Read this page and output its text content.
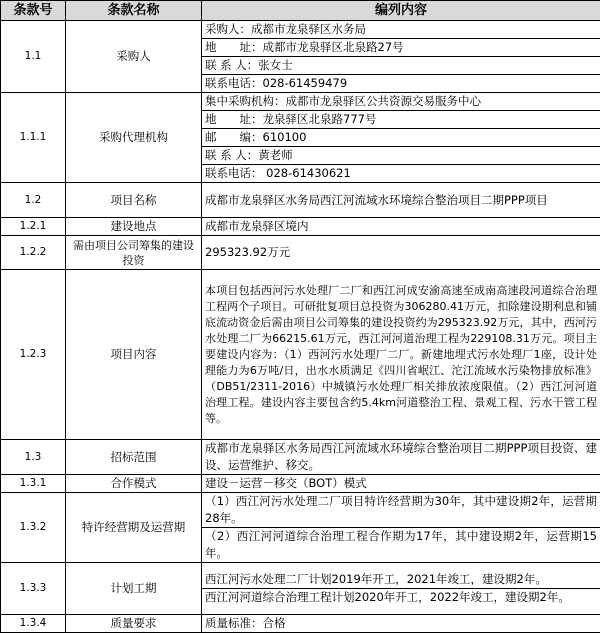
条款号	条款名称	编列内容
1.1	采购人	采购人：成都市龙泉驿区水务局
地　　址：成都市龙泉驿区北泉路27号
联 系 人：张女士
联系电话：028-61459479

1.1.1	采购代理机构	集中采购机构：成都市龙泉驿区公共资源交易服务中心
地　　址：龙泉驿区北泉路777号
邮　　编：610100
联 系 人：黄老师
联系电话： 028-61430621

1.2	项目名称	成都市龙泉驿区水务局西江河流域水环境综合整治项目二期PPP项目
1.2.1	建设地点	成都市龙泉驿区境内
1.2.2	需由项目公司筹集的建设投资	295323.92万元
1.2.3	项目内容	本项目包括西河污水处理厂二厂和西江河成安渝高速至成南高速段河道综合治理工程两个子项目。可研批复项目总投资为306280.41万元，扣除建设期利息和铺底流动资金后需由项目公司筹集的建设投资约为295323.92万元，其中，西河污水处理二厂为66215.61万元，西江河河道治理工程为229108.31万元。项目主要建设内容为：（1）西河污水处理厂二厂。新建地埋式污水处理厂1座，设计处理能力为6万吨/日，出水水质满足《四川省岷江、沱江流域水污染物排放标准》（DB51/2311-2016）中城镇污水处理厂相关排放浓度限值。（2）西江河河道治理工程。建设内容主要包含约5.4km河道整治工程、景观工程、污水干管工程等。
1.3	招标范围	成都市龙泉驿区水务局西江河流域水环境综合整治项目二期PPP项目投资、建设、运营维护、移交。
1.3.1	合作模式	建设－运营－移交（BOT）模式
1.3.2	特许经营期及运营期	（1）西江河污水处理二厂项目特许经营期为30年，其中建设期2年，运营期28年。
（2）西江河河道综合治理工程合作期为17年，其中建设期2年，运营期15年。

1.3.3	计划工期	西江河污水处理二厂计划2019年开工，2021年竣工，建设期2年。
西江河河道综合治理工程计划2020年开工，2022年竣工，建设期2年。

1.3.4	质量要求	质量标准：合格
